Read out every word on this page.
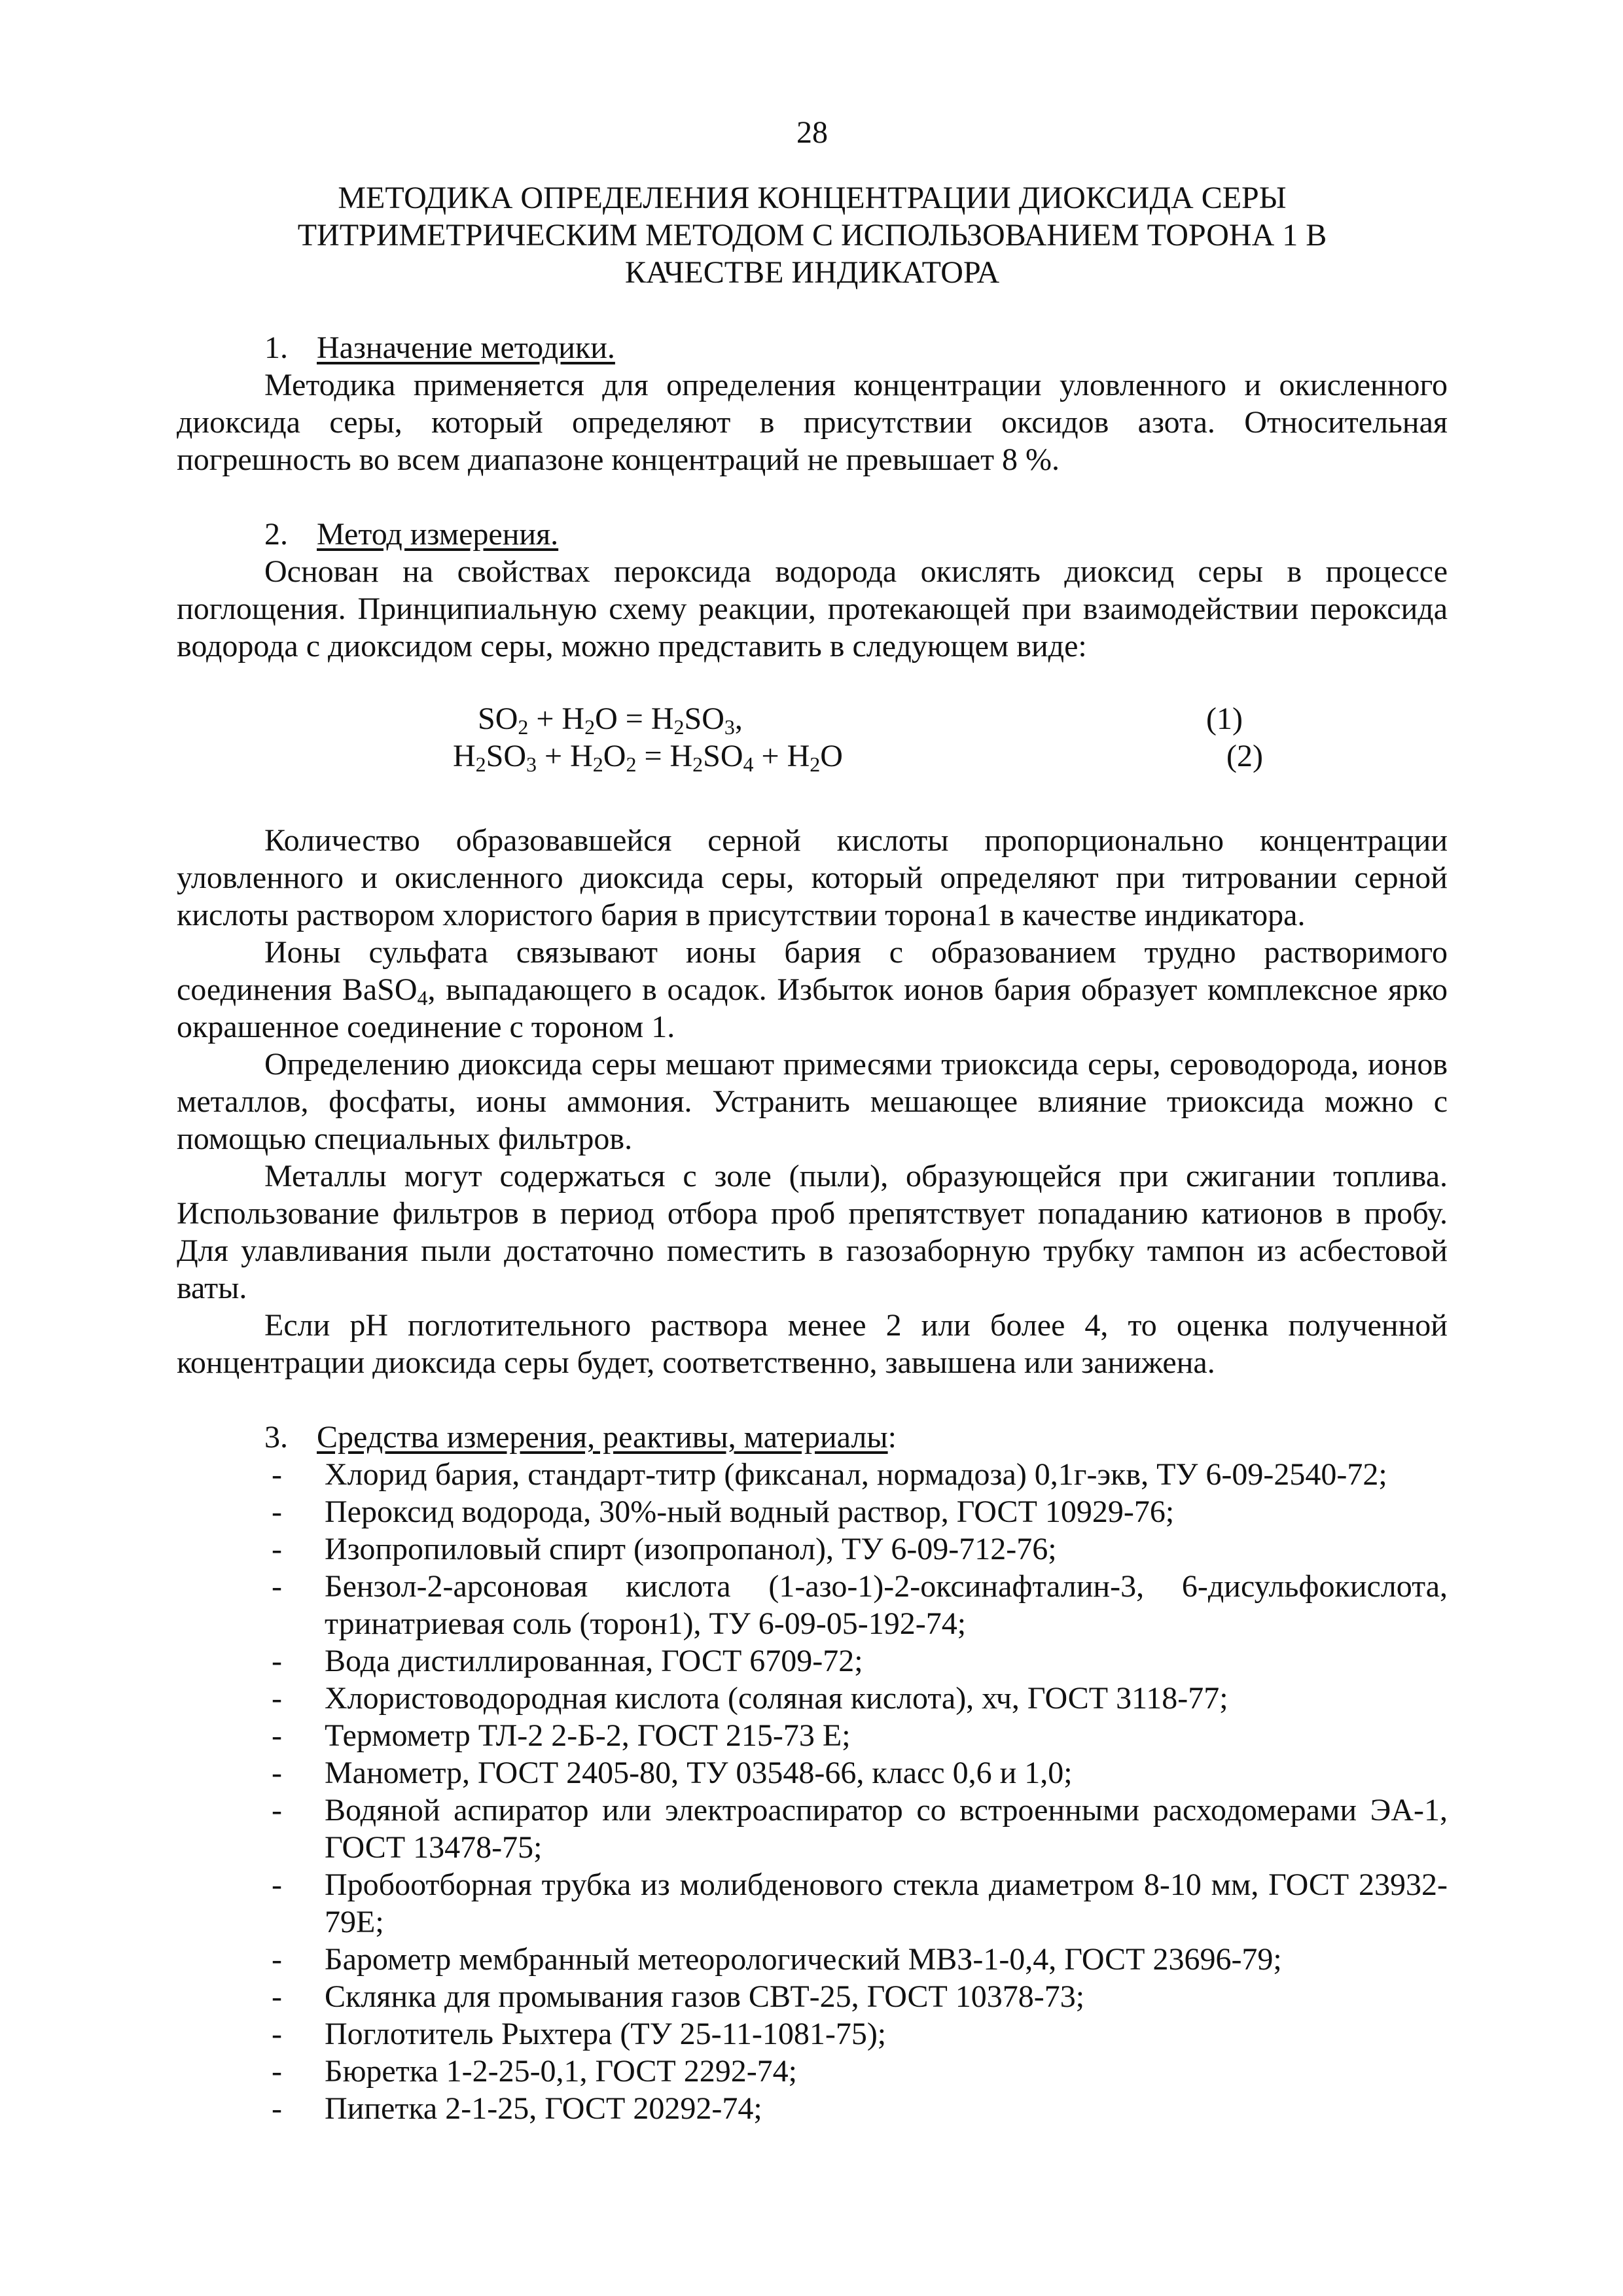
28
МЕТОДИКА ОПРЕДЕЛЕНИЯ КОНЦЕНТРАЦИИ ДИОКСИДА СЕРЫ
ТИТРИМЕТРИЧЕСКИМ МЕТОДОМ С ИСПОЛЬЗОВАНИЕМ ТОРОНА 1 В
КАЧЕСТВЕ ИНДИКАТОРА
1. Назначение методики.

Методика применяется для определения концентрации уловленного и окисленного диоксида серы, который определяют в присутствии оксидов азота. Относительная погрешность во всем диапазоне концентраций не превышает 8 %.

2. Метод измерения.

Основан на свойствах пероксида водорода окислять диоксид серы в процессе поглощения. Принципиальную схему реакции, протекающей при взаимодействии пероксида водорода с диоксидом серы, можно представить в следующем виде:

$SO_2 + H_2O = H_2SO_3$,	(1)
$H_2SO_3 + H_2O_2 = H_2SO_4 + H_2O$	(2)

Количество образовавшейся серной кислоты пропорционально концентрации уловленного и окисленного диоксида серы, который определяют при титровании серной кислоты раствором хлористого бария в присутствии торона1 в качестве индикатора.

Ионы сульфата связывают ионы бария с образованием трудно растворимого соединения BaSO$_4$, выпадающего в осадок. Избыток ионов бария образует комплексное ярко окрашенное соединение с тороном 1.

Определению диоксида серы мешают примесями триоксида серы, сероводорода, ионов металлов, фосфаты, ионы аммония. Устранить мешающее влияние триоксида можно с помощью специальных фильтров.

Металлы могут содержаться с золе (пыли), образующейся при сжигании топлива. Использование фильтров в период отбора проб препятствует попаданию катионов в пробу. Для улавливания пыли достаточно поместить в газозаборную трубку тампон из асбестовой ваты.

Если pH поглотительного раствора менее 2 или более 4, то оценка полученной концентрации диоксида серы будет, соответственно, завышена или занижена.

3. Средства измерения, реактивы, материалы:
- Хлорид бария, стандарт-титр (фиксанал, нормадоза) 0,1г-экв, ТУ 6-09-2540-72;
- Пероксид водорода, 30%-ный водный раствор, ГОСТ 10929-76;
- Изопропиловый спирт (изопропанол), ТУ 6-09-712-76;
- Бензол-2-арсоновая кислота (1-азо-1)-2-оксинафталин-3, 6-дисульфокислота, тринатриевая соль (торон1), ТУ 6-09-05-192-74;
- Вода дистиллированная, ГОСТ 6709-72;
- Хлористоводородная кислота (соляная кислота), хч, ГОСТ 3118-77;
- Термометр ТЛ-2 2-Б-2, ГОСТ 215-73 Е;
- Манометр, ГОСТ 2405-80, ТУ 03548-66, класс 0,6 и 1,0;
- Водяной аспиратор или электроаспиратор со встроенными расходомерами ЭА-1, ГОСТ 13478-75;
- Пробоотборная трубка из молибденового стекла диаметром 8-10 мм, ГОСТ 23932-79Е;
- Барометр мембранный метеорологический МВЗ-1-0,4, ГОСТ 23696-79;
- Склянка для промывания газов СВТ-25, ГОСТ 10378-73;
- Поглотитель Рыхтера (ТУ 25-11-1081-75);
- Бюретка 1-2-25-0,1, ГОСТ 2292-74;
- Пипетка 2-1-25, ГОСТ 20292-74;
